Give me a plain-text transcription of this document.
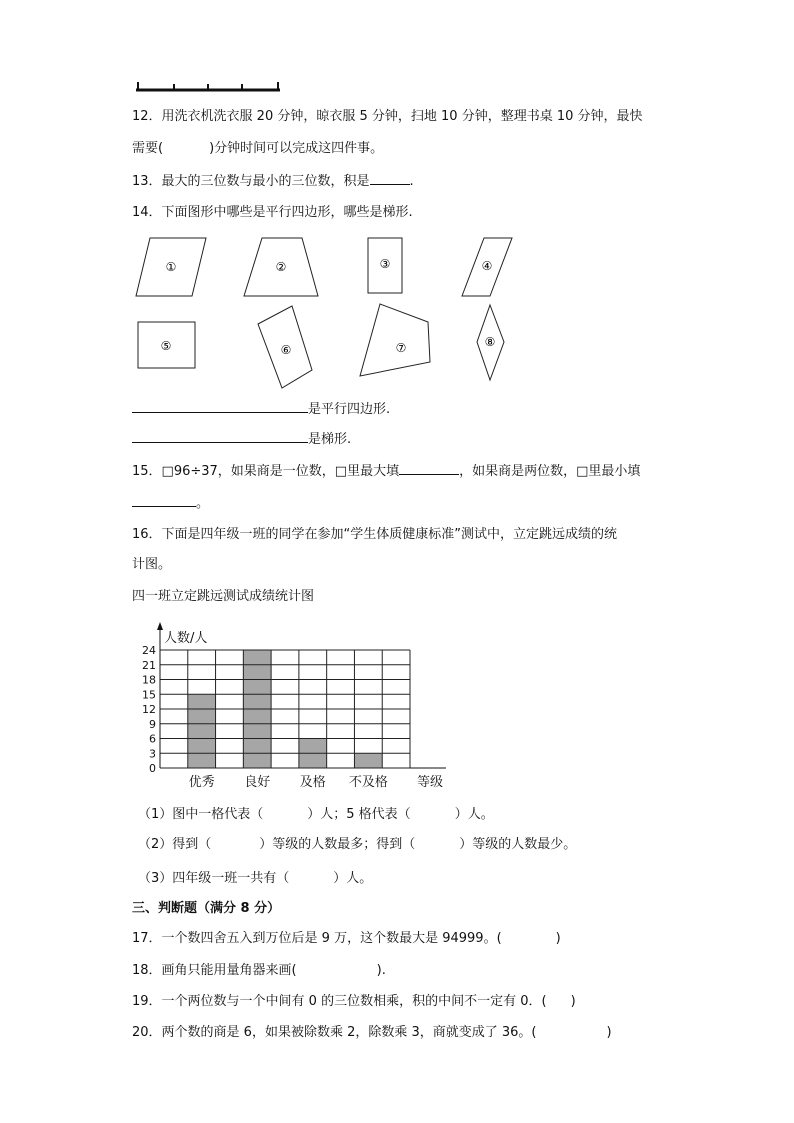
12．用洗衣机洗衣服 20 分钟，晾衣服 5 分钟，扫地 10 分钟，整理书桌 10 分钟，最快
需要(	)分钟时间可以完成这四件事。
13．最大的三位数与最小的三位数，积是	.
14．下面图形中哪些是平行四边形，哪些是梯形.
①	②	③	④
⑤	⑥	⑦	⑧
是平行四边形.
是梯形.
15．□96÷37，如果商是一位数，□里最大填	，如果商是两位数，□里最小填
。
16．下面是四年级一班的同学在参加“学生体质健康标准”测试中，立定跳远成绩的统
计图。
四一班立定跳远测试成绩统计图
0
3
6
9
12
15
18
21
24
人数/人
优秀 良好 及格 不及格 等级
（1）图中一格代表（	）人；5 格代表（	）人。
（2）得到（	）等级的人数最多；得到（	）等级的人数最少。
（3）四年级一班一共有（	）人。
三、判断题（满分 8 分）
17．一个数四舍五入到万位后是 9 万，这个数最大是 94999。(	)
18．画角只能用量角器来画(	).
19．一个两位数与一个中间有 0 的三位数相乘，积的中间不一定有 0．( )
20．两个数的商是 6，如果被除数乘 2，除数乘 3，商就变成了 36。(	)
